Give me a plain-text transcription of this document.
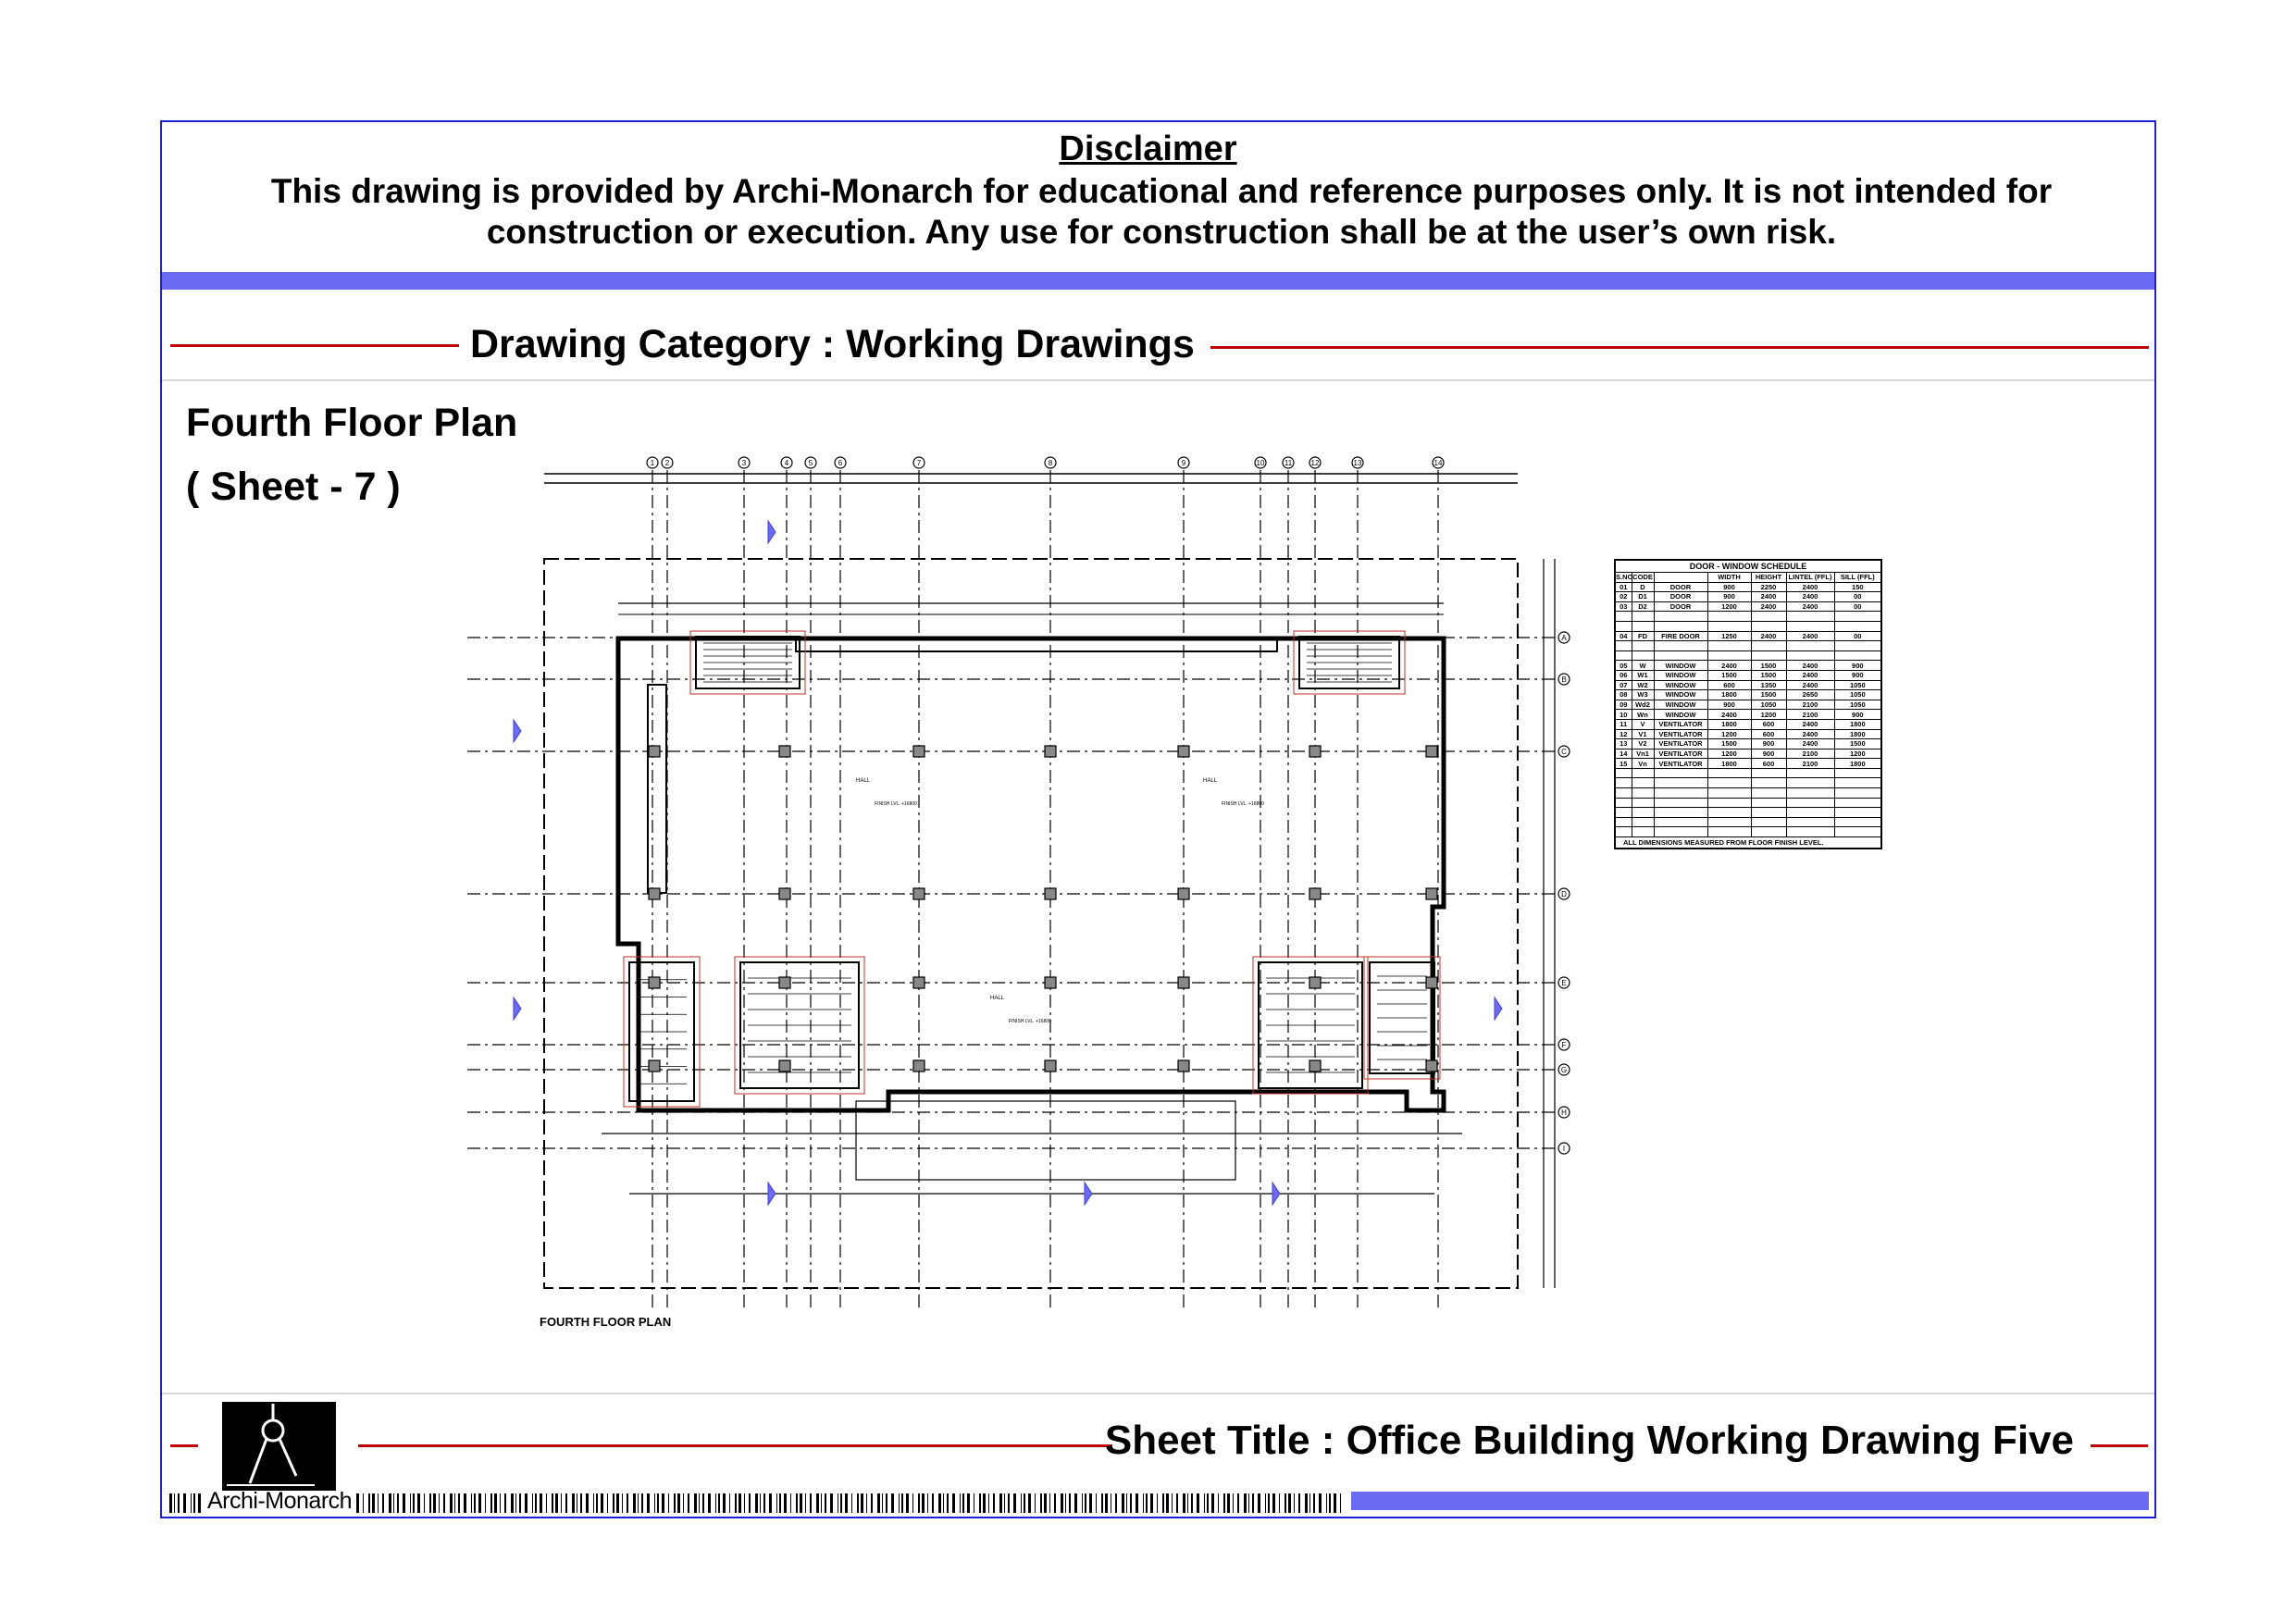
Disclaimer
This drawing is provided by Archi-Monarch for educational and reference purposes only. It is not intended for
construction or execution. Any use for construction shall be at the user’s own risk.
Drawing Category : Working Drawings
Fourth Floor Plan
( Sheet - 7 )
1 2	3	4	5	6	7	8	9	10	11	12	13	14
A
B
C
D
E
F
G
H
I
HALL
FINISH LVL. +16800
HALL
FINISH LVL. +16800
HALL
FINISH LVL. +16800
FOURTH FLOOR PLAN
DOOR - WINDOW SCHEDULE						
S.NO.	CODE		WIDTH	HEIGHT	LINTEL (FFL)	SILL (FFL)
01	D	DOOR	900	2250	2400	150
02	D1	DOOR	900	2400	2400	00
03	D2	DOOR	1200	2400	2400	00

04	FD	FIRE DOOR	1250	2400	2400	00

05	W	WINDOW	2400	1500	2400	900
06	W1	WINDOW	1500	1500	2400	900
07	W2	WINDOW	600	1350	2400	1050
08	W3	WINDOW	1800	1500	2650	1050
09	Wd2	WINDOW	900	1050	2100	1050
10	Wn	WINDOW	2400	1200	2100	900
11	V	VENTILATOR	1800	600	2400	1800
12	V1	VENTILATOR	1200	600	2400	1800
13	V2	VENTILATOR	1500	900	2400	1500
14	Vn1	VENTILATOR	1200	900	2100	1200
15	Vn	VENTILATOR	1800	600	2100	1800

ALL DIMENSIONS MEASURED FROM FLOOR FINISH LEVEL.						
Sheet Title : Office Building Working Drawing Five
Archi-Monarch
